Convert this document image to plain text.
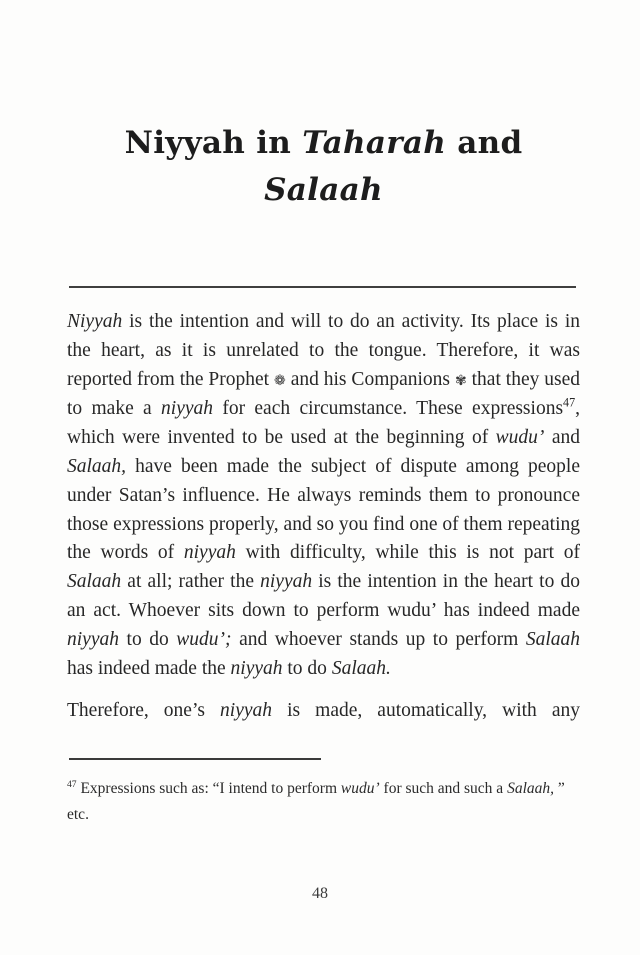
Niyyah in Taharah and
Salaah

Niyyah is the intention and will to do an activity. Its place is in the heart, as it is unrelated to the tongue. Therefore, it was reported from the Prophet ❁ and his Companions ✾ that they used to make a niyyah for each circumstance. These expressions$^{47}$, which were invented to be used at the beginning of wudu’ and Salaah, have been made the subject of dispute among people under Satan’s influence. He always reminds them to pronounce those expressions properly, and so you find one of them repeating the words of niyyah with difficulty, while this is not part of Salaah at all; rather the niyyah is the intention in the heart to do an act. Whoever sits down to perform wudu’ has indeed made niyyah to do wudu’; and whoever stands up to perform Salaah has indeed made the niyyah to do Salaah.

Therefore, one’s niyyah is made, automatically, with any

$^{47}$ Expressions such as: “I intend to perform wudu’ for such and such a Salaah, ” etc.
48
